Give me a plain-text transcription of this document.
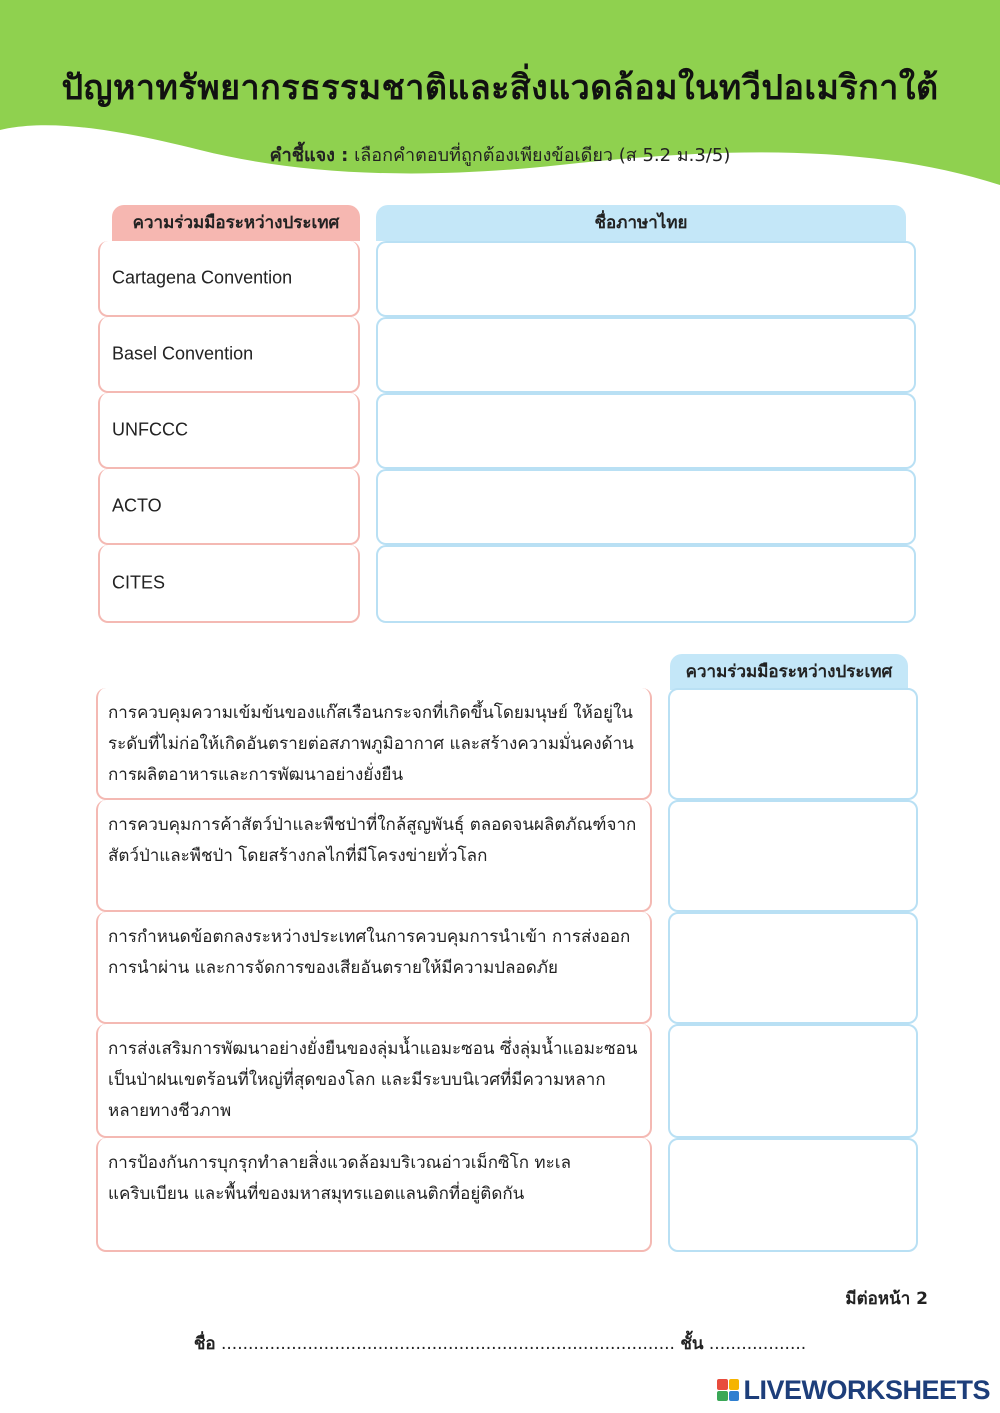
ปัญหาทรัพยากรธรรมชาติและสิ่งแวดล้อมในทวีปอเมริกาใต้
คำชี้แจง : เลือกคำตอบที่ถูกต้องเพียงข้อเดียว (ส 5.2 ม.3/5)
ความร่วมมือระหว่างประเทศ	ชื่อภาษาไทย
Cartagena Convention
Basel Convention
UNFCCC
ACTO
CITES
ความร่วมมือระหว่างประเทศ
การควบคุมความเข้มข้นของแก๊สเรือนกระจกที่เกิดขึ้นโดยมนุษย์ ให้อยู่ในระดับที่ไม่ก่อให้เกิดอันตรายต่อสภาพภูมิอากาศ และสร้างความมั่นคงด้านการผลิตอาหารและการพัฒนาอย่างยั่งยืน
การควบคุมการค้าสัตว์ป่าและพืชป่าที่ใกล้สูญพันธุ์ ตลอดจนผลิตภัณฑ์จากสัตว์ป่าและพืชป่า โดยสร้างกลไกที่มีโครงข่ายทั่วโลก
การกำหนดข้อตกลงระหว่างประเทศในการควบคุมการนำเข้า การส่งออก การนำผ่าน และการจัดการของเสียอันตรายให้มีความปลอดภัย
การส่งเสริมการพัฒนาอย่างยั่งยืนของลุ่มน้ำแอมะซอน ซึ่งลุ่มน้ำแอมะซอนเป็นป่าฝนเขตร้อนที่ใหญ่ที่สุดของโลก และมีระบบนิเวศที่มีความหลากหลายทางชีวภาพ
การป้องกันการบุกรุกทำลายสิ่งแวดล้อมบริเวณอ่าวเม็กซิโก ทะเลแคริบเบียน และพื้นที่ของมหาสมุทรแอตแลนติกที่อยู่ติดกัน
มีต่อหน้า 2
ชื่อ .................................................................................... ชั้น ..................
LIVEWORKSHEETS
